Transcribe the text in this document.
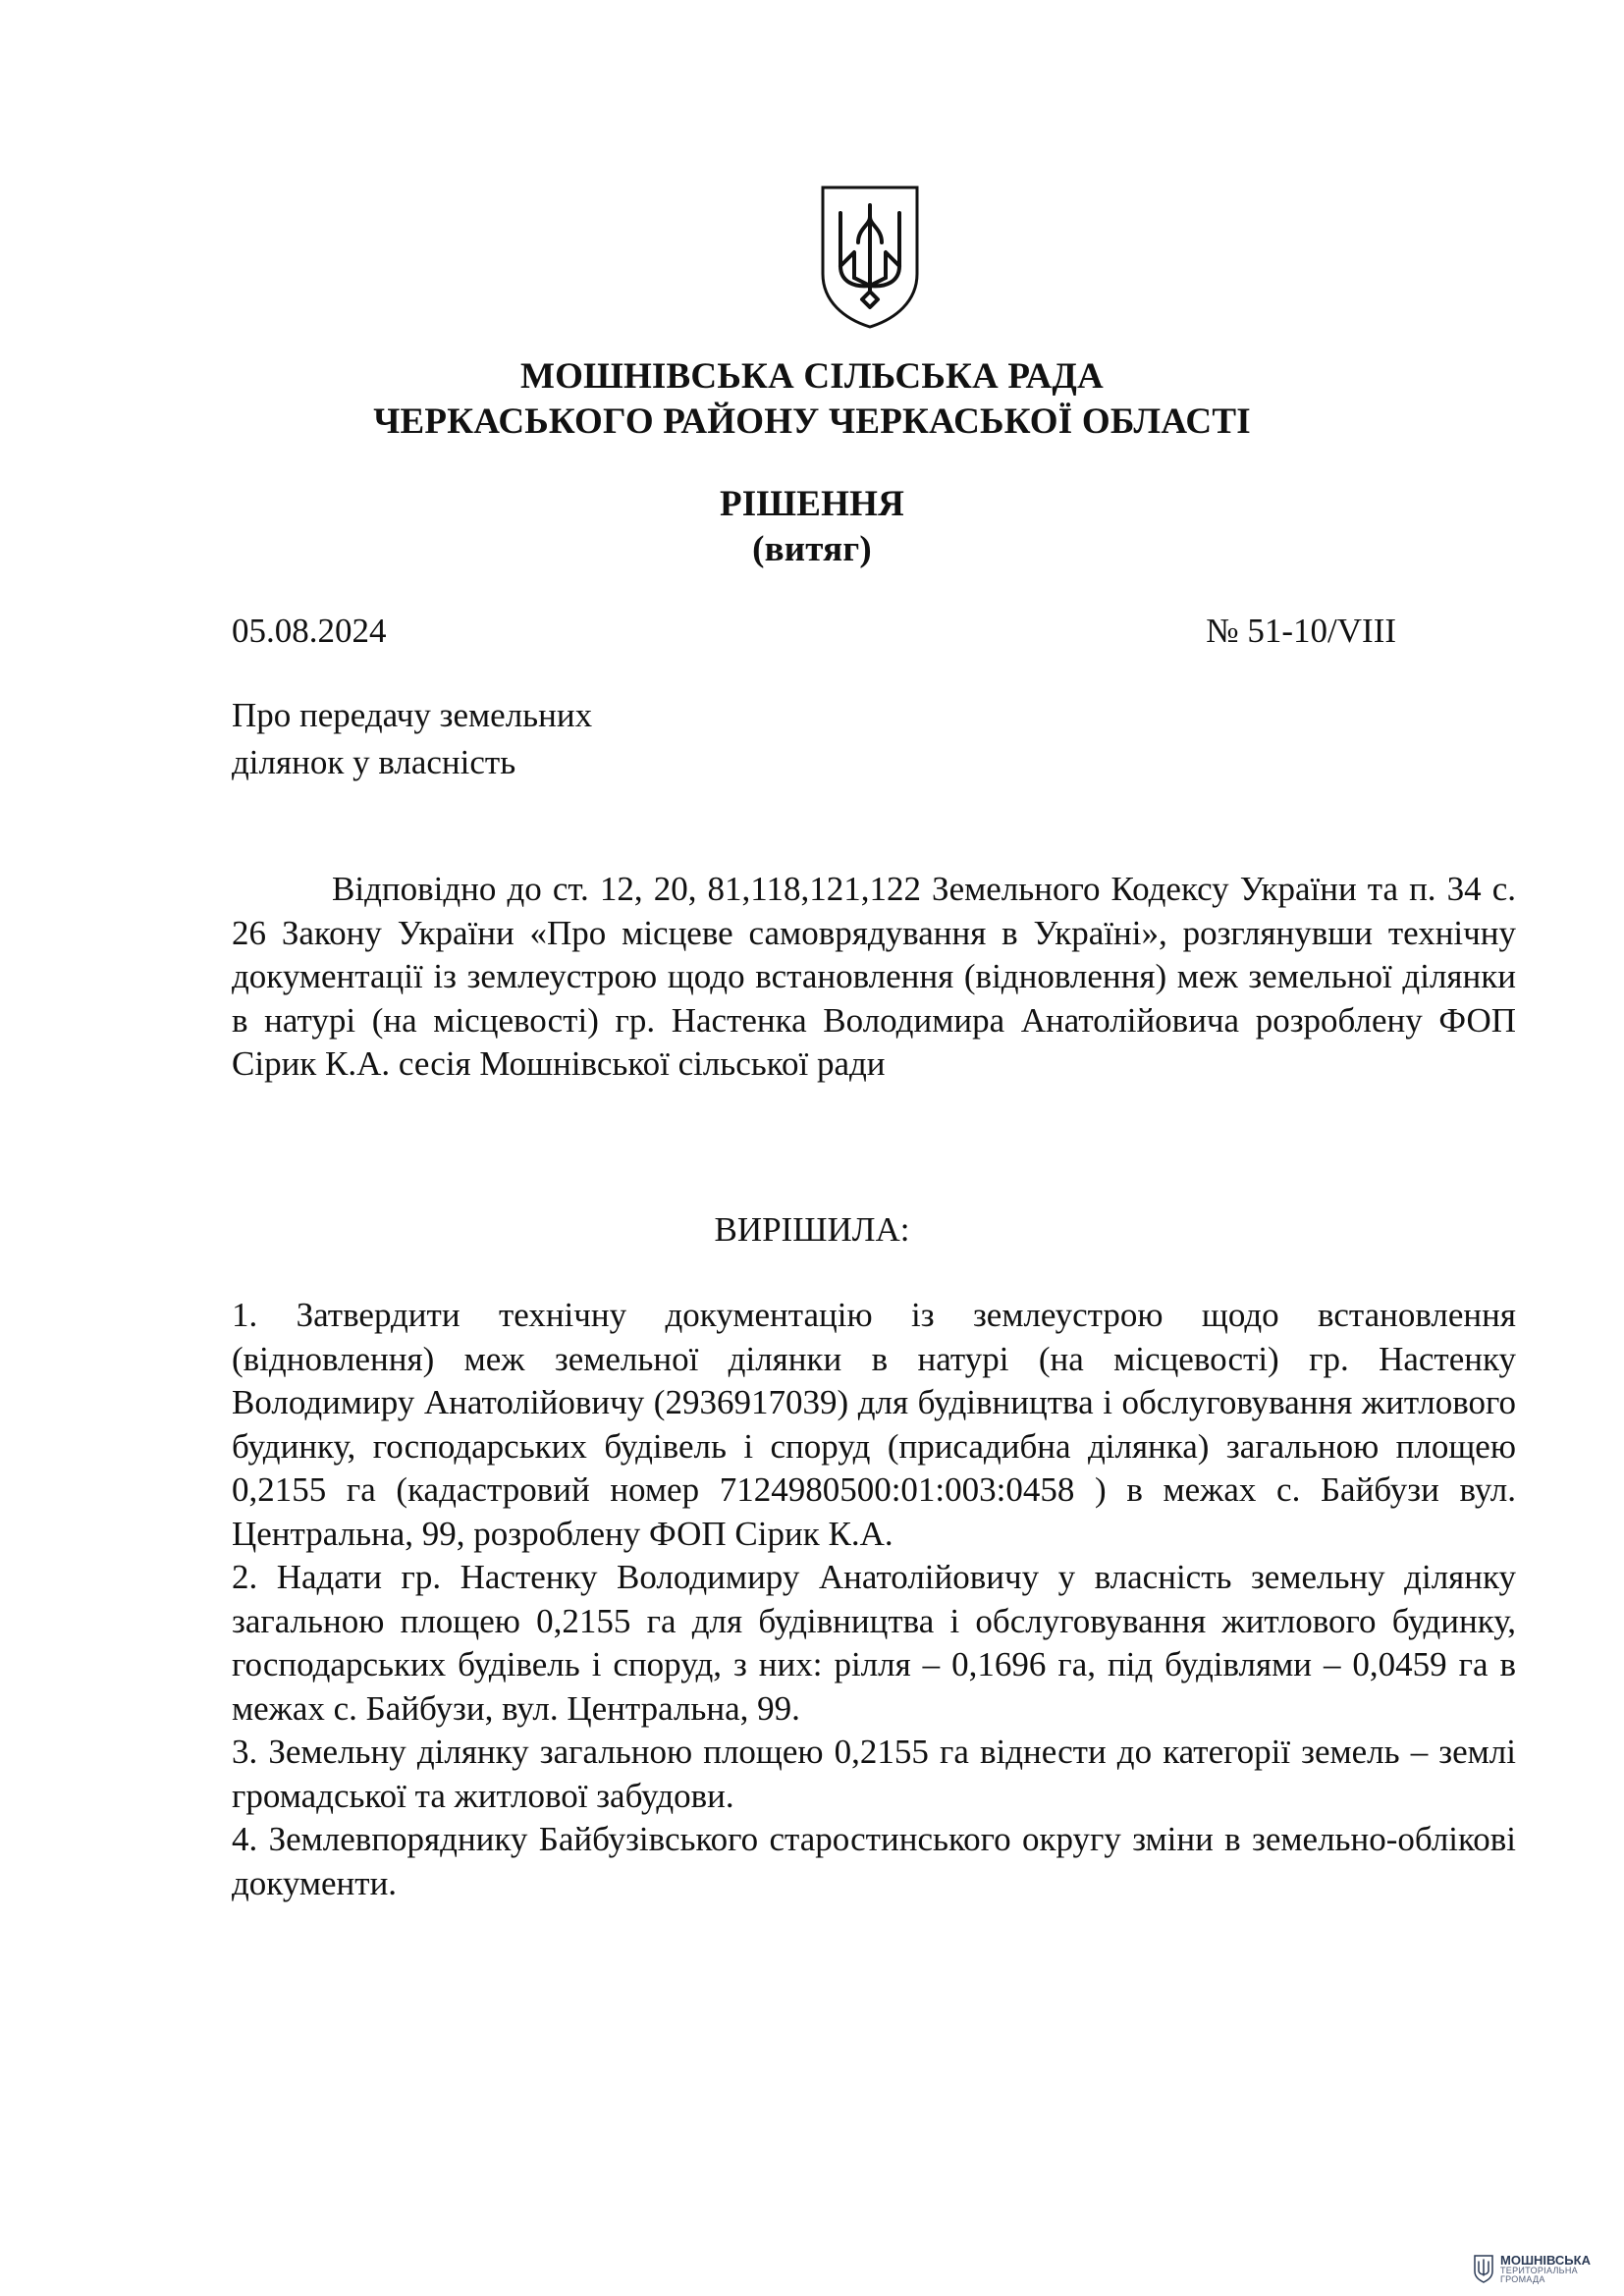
МОШНІВСЬКА СІЛЬСЬКА РАДА
ЧЕРКАСЬКОГО РАЙОНУ ЧЕРКАСЬКОЇ ОБЛАСТІ
РІШЕННЯ
(витяг)
05.08.2024	№ 51-10/VIII
Про передачу земельних
ділянок у власність

Відповідно до ст. 12, 20, 81,118,121,122 Земельного Кодексу України та п. 34 с. 26 Закону України «Про місцеве самоврядування в Україні», розглянувши технічну документації із землеустрою щодо встановлення (відновлення) меж земельної ділянки в натурі (на місцевості) гр. Настенка Володимира Анатолійовича розроблену ФОП Сірик К.А. сесія Мошнівської сільської ради

ВИРІШИЛА:

1. Затвердити технічну документацію із землеустрою щодо встановлення (відновлення) меж земельної ділянки в натурі (на місцевості) гр. Настенку Володимиру Анатолійовичу (2936917039) для будівництва і обслуговування житлового будинку, господарських будівель і споруд (присадибна ділянка) загальною площею 0,2155 га (кадастровий номер 7124980500:01:003:0458 ) в межах с. Байбузи вул. Центральна, 99, розроблену ФОП Сірик К.А.

2. Надати гр. Настенку Володимиру Анатолійовичу у власність земельну ділянку загальною площею 0,2155 га для будівництва і обслуговування житлового будинку, господарських будівель і споруд, з них: рілля – 0,1696 га, під будівлями – 0,0459 га в межах с. Байбузи, вул. Центральна, 99.

3. Земельну ділянку загальною площею 0,2155 га віднести до категорії земель – землі громадської та житлової забудови.

4. Землевпоряднику Байбузівського старостинського округу зміни в земельно-облікові документи.

МОШНІВСЬКА
ТЕРИТОРІАЛЬНА
ГРОМАДА
